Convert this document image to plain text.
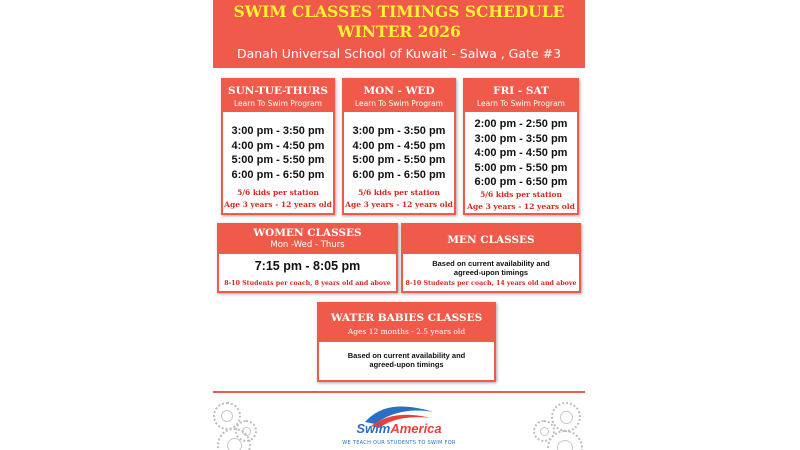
SWIM CLASSES TIMINGS SCHEDULE
WINTER 2026
Danah Universal School of Kuwait - Salwa , Gate #3
SUN-TUE-THURS
Learn To Swim Program
3:00 pm - 3:50 pm
4:00 pm - 4:50 pm
5:00 pm - 5:50 pm
6:00 pm - 6:50 pm
5/6 kids per station
Age 3 years - 12 years old
MON - WED
Learn To Swim Program
3:00 pm - 3:50 pm
4:00 pm - 4:50 pm
5:00 pm - 5:50 pm
6:00 pm - 6:50 pm
5/6 kids per station
Age 3 years - 12 years old
FRI - SAT
Learn To Swim Program
2:00 pm - 2:50 pm
3:00 pm - 3:50 pm
4:00 pm - 4:50 pm
5:00 pm - 5:50 pm
6:00 pm - 6:50 pm
5/6 kids per station
Age 3 years - 12 years old
WOMEN CLASSES
Mon -Wed - Thurs
7:15 pm - 8:05 pm
8-10 Students per coach, 8 years old and above
MEN CLASSES
Based on current availability and
agreed-upon timings
8-10 Students per coach, 14 years old and above
WATER BABIES CLASSES
Ages 12 months - 2.5 years old
Based on current availability and
agreed-upon timings
SwimAmerica
WE TEACH OUR STUDENTS TO SWIM FOR
